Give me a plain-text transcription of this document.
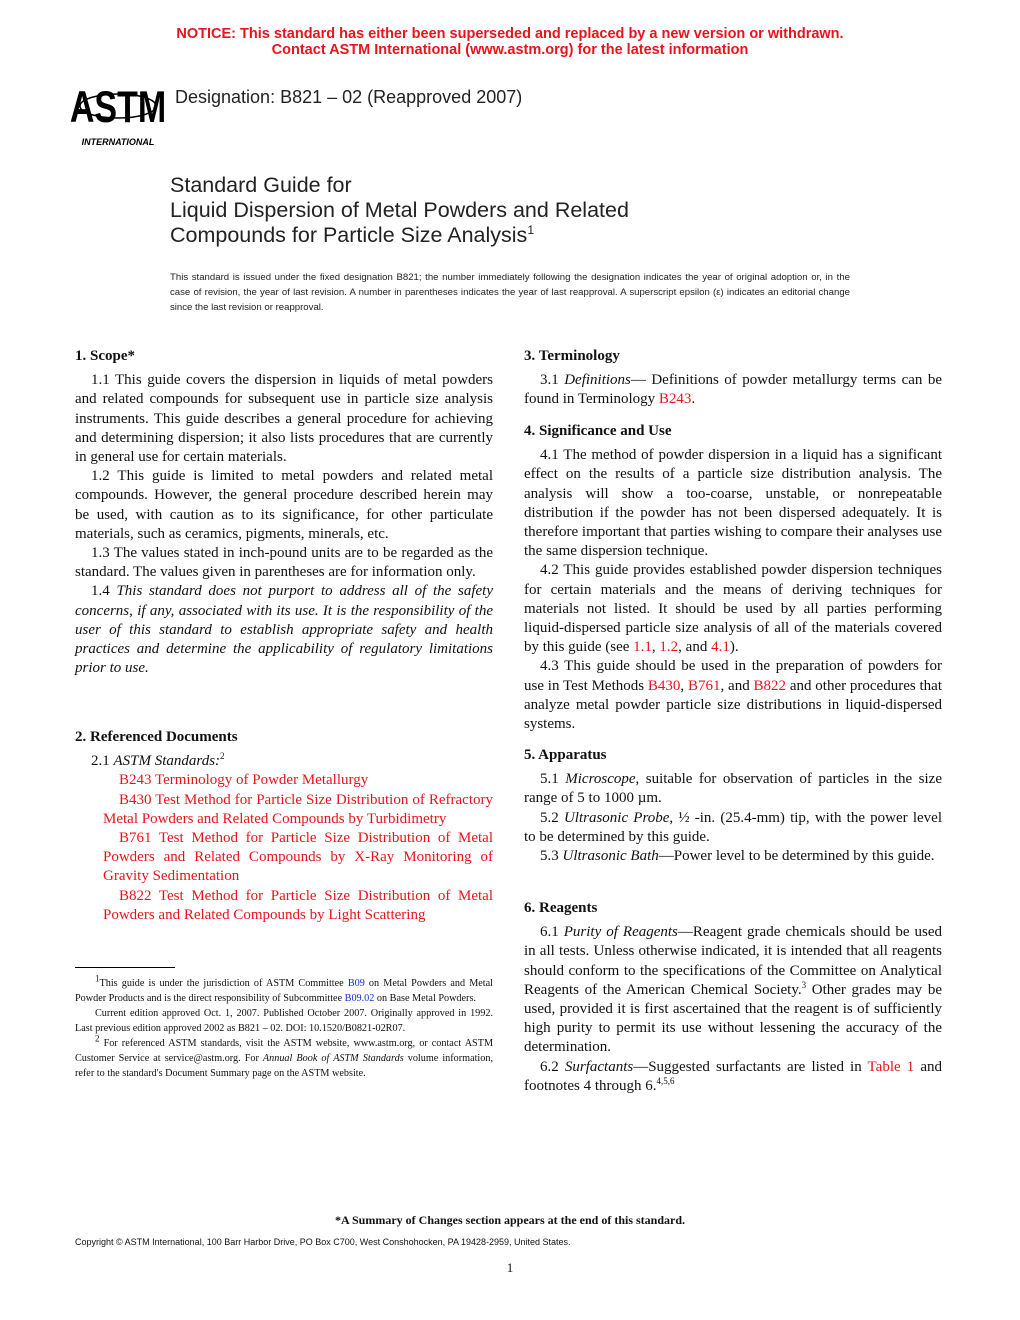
NOTICE: This standard has either been superseded and replaced by a new version or withdrawn.
Contact ASTM International (www.astm.org) for the latest information
ASTM
INTERNATIONAL
Designation: B821 – 02 (Reapproved 2007)
Standard Guide for
Liquid Dispersion of Metal Powders and Related
Compounds for Particle Size Analysis$^1$
This standard is issued under the fixed designation B821; the number immediately following the designation indicates the year of original adoption or, in the case of revision, the year of last revision. A number in parentheses indicates the year of last reapproval. A superscript epsilon (ε) indicates an editorial change since the last revision or reapproval.
1. Scope*

1.1 This guide covers the dispersion in liquids of metal powders and related compounds for subsequent use in particle size analysis instruments. This guide describes a general procedure for achieving and determining dispersion; it also lists procedures that are currently in general use for certain materials.

1.2 This guide is limited to metal powders and related metal compounds. However, the general procedure described herein may be used, with caution as to its significance, for other particulate materials, such as ceramics, pigments, minerals, etc.

1.3 The values stated in inch-pound units are to be regarded as the standard. The values given in parentheses are for information only.

1.4 This standard does not purport to address all of the safety concerns, if any, associated with its use. It is the responsibility of the user of this standard to establish appropriate safety and health practices and determine the applicability of regulatory limitations prior to use.

2. Referenced Documents

2.1 ASTM Standards:$^2$

B243 Terminology of Powder Metallurgy

B430 Test Method for Particle Size Distribution of Refractory Metal Powders and Related Compounds by Turbidimetry

B761 Test Method for Particle Size Distribution of Metal Powders and Related Compounds by X-Ray Monitoring of Gravity Sedimentation

B822 Test Method for Particle Size Distribution of Metal Powders and Related Compounds by Light Scattering

3. Terminology

3.1 Definitions— Definitions of powder metallurgy terms can be found in Terminology B243.

4. Significance and Use

4.1 The method of powder dispersion in a liquid has a significant effect on the results of a particle size distribution analysis. The analysis will show a too-coarse, unstable, or nonrepeatable distribution if the powder has not been dispersed adequately. It is therefore important that parties wishing to compare their analyses use the same dispersion technique.

4.2 This guide provides established powder dispersion techniques for certain materials and the means of deriving techniques for materials not listed. It should be used by all parties performing liquid-dispersed particle size analysis of all of the materials covered by this guide (see 1.1, 1.2, and 4.1).

4.3 This guide should be used in the preparation of powders for use in Test Methods B430, B761, and B822 and other procedures that analyze metal powder particle size distributions in liquid-dispersed systems.

5. Apparatus

5.1 Microscope, suitable for observation of particles in the size range of 5 to 1000 µm.

5.2 Ultrasonic Probe, ½ -in. (25.4-mm) tip, with the power level to be determined by this guide.

5.3 Ultrasonic Bath—Power level to be determined by this guide.

6. Reagents

6.1 Purity of Reagents—Reagent grade chemicals should be used in all tests. Unless otherwise indicated, it is intended that all reagents should conform to the specifications of the Committee on Analytical Reagents of the American Chemical Society.$^3$ Other grades may be used, provided it is first ascertained that the reagent is of sufficiently high purity to permit its use without lessening the accuracy of the determination.

6.2 Surfactants—Suggested surfactants are listed in Table 1 and footnotes 4 through 6.$^{4,5,6}$

$^1$This guide is under the jurisdiction of ASTM Committee B09 on Metal Powders and Metal Powder Products and is the direct responsibility of Subcommittee B09.02 on Base Metal Powders.

Current edition approved Oct. 1, 2007. Published October 2007. Originally approved in 1992. Last previous edition approved 2002 as B821 – 02. DOI: 10.1520/B0821-02R07.

$^2$ For referenced ASTM standards, visit the ASTM website, www.astm.org, or contact ASTM Customer Service at service@astm.org. For Annual Book of ASTM Standards volume information, refer to the standard's Document Summary page on the ASTM website.

*A Summary of Changes section appears at the end of this standard.
Copyright © ASTM International, 100 Barr Harbor Drive, PO Box C700, West Conshohocken, PA 19428-2959, United States.
1
